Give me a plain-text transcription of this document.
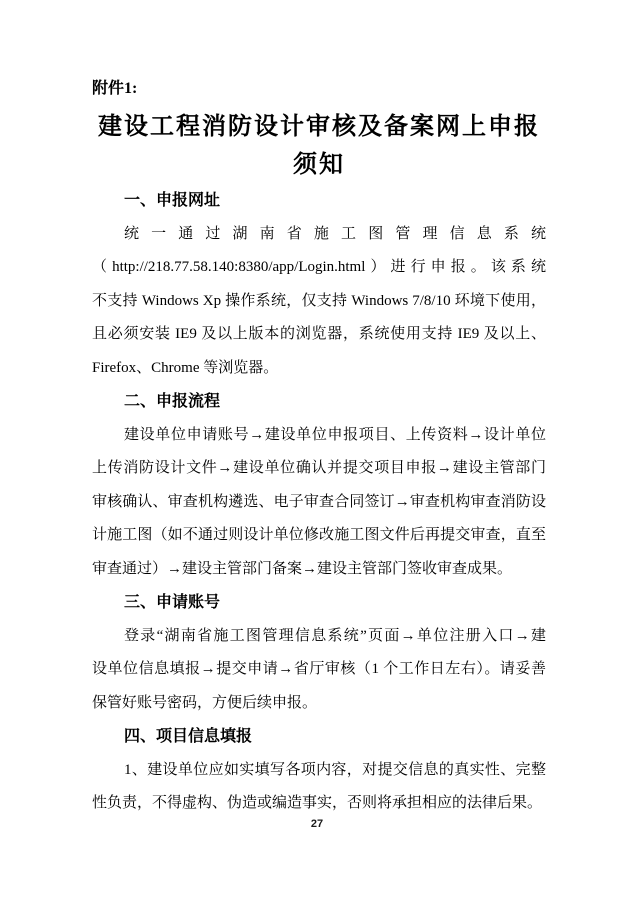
附件1:
建设工程消防设计审核及备案网上申报
须知
一、申报网址
统一通过湖南省施工图管理信息系统
（http://218.77.58.140:8380/app/Login.html）进行申报。该系统
不支持 Windows Xp 操作系统，仅支持 Windows 7/8/10 环境下使用，
且必须安装 IE9 及以上版本的浏览器，系统使用支持 IE9 及以上、
Firefox、Chrome 等浏览器。
二、申报流程
建设单位申请账号→建设单位申报项目、上传资料→设计单位
上传消防设计文件→建设单位确认并提交项目申报→建设主管部门
审核确认、审查机构遴选、电子审查合同签订→审查机构审查消防设
计施工图（如不通过则设计单位修改施工图文件后再提交审查，直至
审查通过）→建设主管部门备案→建设主管部门签收审查成果。
三、申请账号
登录“湖南省施工图管理信息系统”页面→单位注册入口→建
设单位信息填报→提交申请→省厅审核（1 个工作日左右）。请妥善
保管好账号密码，方便后续申报。
四、项目信息填报
1、建设单位应如实填写各项内容，对提交信息的真实性、完整
性负责，不得虚构、伪造或编造事实，否则将承担相应的法律后果。
27
